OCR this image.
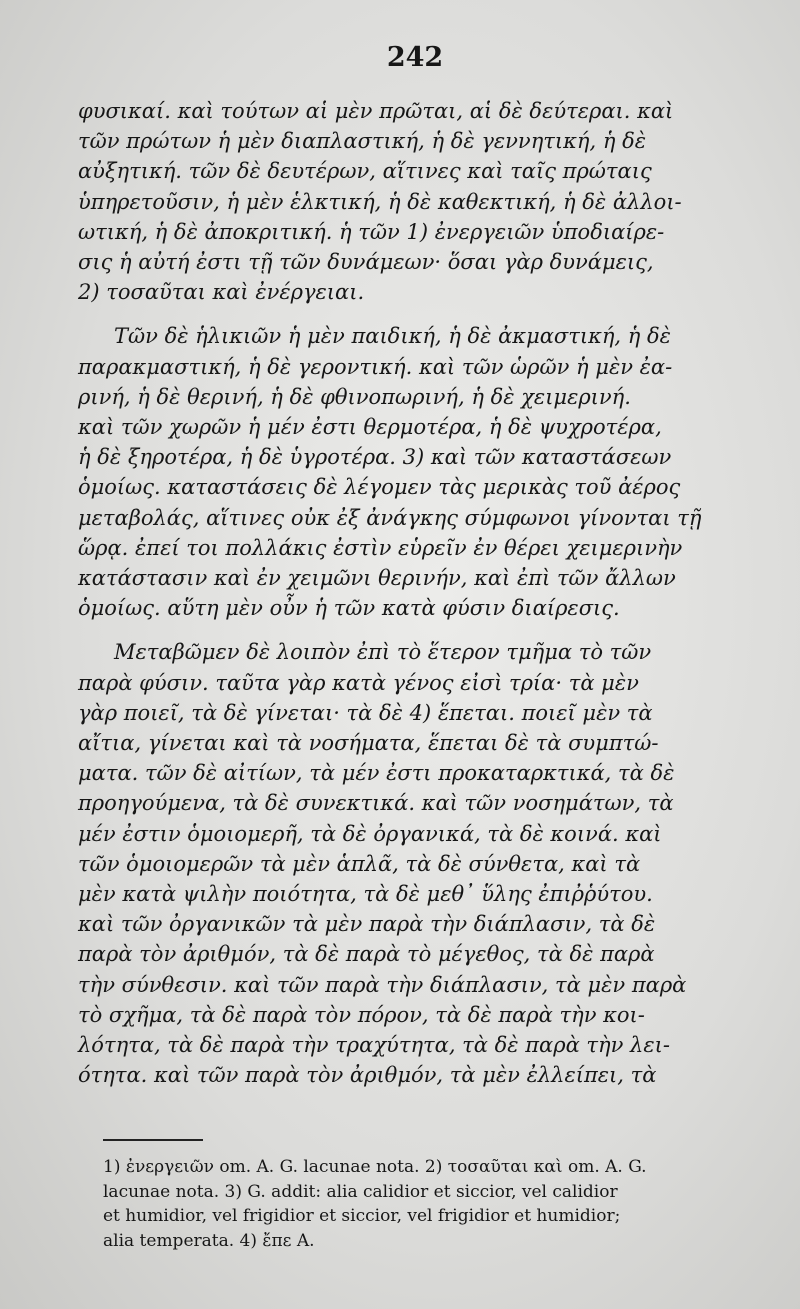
242

φυσικαί. καὶ τούτων αἱ μὲν πρῶται, αἱ δὲ δεύτεραι. καὶ
τῶν πρώτων ἡ μὲν διαπλαστική, ἡ δὲ γεννητική, ἡ δὲ
αὐξητική. τῶν δὲ δευτέρων, αἵτινες καὶ ταῖς πρώταις
ὑπηρετοῦσιν, ἡ μὲν ἑλκτική, ἡ δὲ καθεκτική, ἡ δὲ ἀλλοι-
ωτική, ἡ δὲ ἀποκριτική. ἡ τῶν 1) ἐνεργειῶν ὑποδιαίρε-
σις ἡ αὐτή ἐστι τῇ τῶν δυνάμεων· ὅσαι γὰρ δυνάμεις,
2) τοσαῦται καὶ ἐνέργειαι.

Τῶν δὲ ἡλικιῶν ἡ μὲν παιδική, ἡ δὲ ἀκμαστική, ἡ δὲ
παρακμαστική, ἡ δὲ γεροντική. καὶ τῶν ὡρῶν ἡ μὲν ἐα-
ρινή, ἡ δὲ θερινή, ἡ δὲ φθινοπωρινή, ἡ δὲ χειμερινή.
καὶ τῶν χωρῶν ἡ μέν ἐστι θερμοτέρα, ἡ δὲ ψυχροτέρα,
ἡ δὲ ξηροτέρα, ἡ δὲ ὑγροτέρα. 3) καὶ τῶν καταστάσεων
ὁμοίως. καταστάσεις δὲ λέγομεν τὰς μερικὰς τοῦ ἀέρος
μεταβολάς, αἵτινες οὐκ ἐξ ἀνάγκης σύμφωνοι γίνονται τῇ
ὥρᾳ. ἐπεί τοι πολλάκις ἐστὶν εὑρεῖν ἐν θέρει χειμερινὴν
κατάστασιν καὶ ἐν χειμῶνι θερινήν, καὶ ἐπὶ τῶν ἄλλων
ὁμοίως. αὕτη μὲν οὖν ἡ τῶν κατὰ φύσιν διαίρεσις.

Μεταβῶμεν δὲ λοιπὸν ἐπὶ τὸ ἕτερον τμῆμα τὸ τῶν
παρὰ φύσιν. ταῦτα γὰρ κατὰ γένος εἰσὶ τρία· τὰ μὲν
γὰρ ποιεῖ, τὰ δὲ γίνεται· τὰ δὲ 4) ἕπεται. ποιεῖ μὲν τὰ
αἴτια, γίνεται καὶ τὰ νοσήματα, ἕπεται δὲ τὰ συμπτώ-
ματα. τῶν δὲ αἰτίων, τὰ μέν ἐστι προκαταρκτικά, τὰ δὲ
προηγούμενα, τὰ δὲ συνεκτικά. καὶ τῶν νοσημάτων, τὰ
μέν ἐστιν ὁμοιομερῆ, τὰ δὲ ὀργανικά, τὰ δὲ κοινά. καὶ
τῶν ὁμοιομερῶν τὰ μὲν ἁπλᾶ, τὰ δὲ σύνθετα, καὶ τὰ
μὲν κατὰ ψιλὴν ποιότητα, τὰ δὲ μεθ᾽ ὕλης ἐπιῤῥύτου.
καὶ τῶν ὀργανικῶν τὰ μὲν παρὰ τὴν διάπλασιν, τὰ δὲ
παρὰ τὸν ἀριθμόν, τὰ δὲ παρὰ τὸ μέγεθος, τὰ δὲ παρὰ
τὴν σύνθεσιν. καὶ τῶν παρὰ τὴν διάπλασιν, τὰ μὲν παρὰ
τὸ σχῆμα, τὰ δὲ παρὰ τὸν πόρον, τὰ δὲ παρὰ τὴν κοι-
λότητα, τὰ δὲ παρὰ τὴν τραχύτητα, τὰ δὲ παρὰ τὴν λει-
ότητα. καὶ τῶν παρὰ τὸν ἀριθμόν, τὰ μὲν ἐλλείπει, τὰ

1) ἐνεργειῶν om. A. G. lacunae nota. 2) τοσαῦται καὶ om. A. G.
lacunae nota. 3) G. addit: alia calidior et siccior, vel calidior
et humidior, vel frigidior et siccior, vel frigidior et humidior;
alia temperata. 4) ἔπε A.
